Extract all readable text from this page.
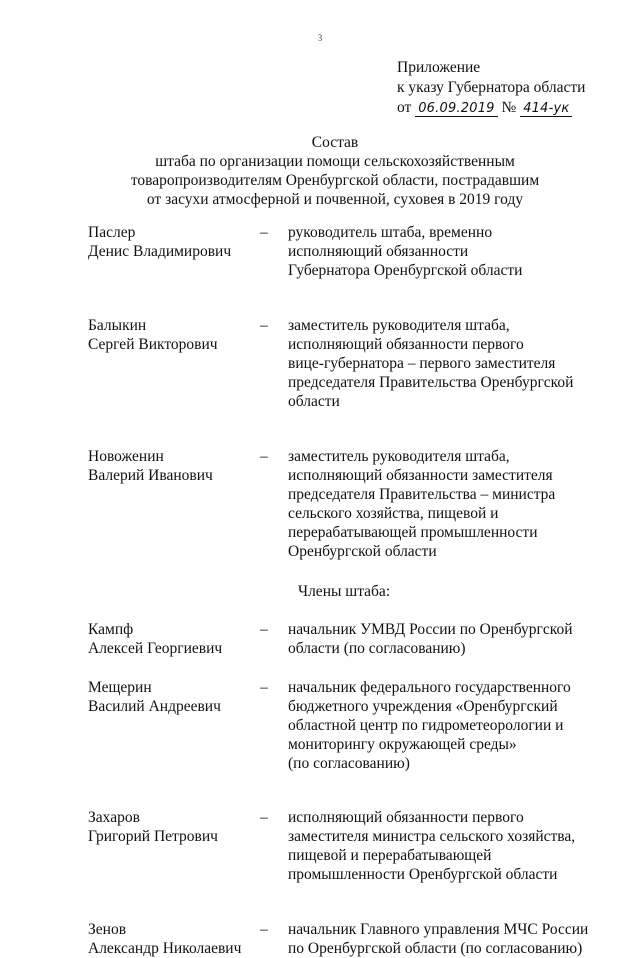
3
Приложение
к указу Губернатора области
от 06.09.2019 № 414-ук
Состав
штаба по организации помощи сельскохозяйственным
товаропроизводителям Оренбургской области, пострадавшим
от засухи атмосферной и почвенной, суховея в 2019 году
Паслер
Денис Владимирович
–	руководитель штаба, временно
исполняющий обязанности
Губернатора Оренбургской области
Балыкин
Сергей Викторович
–	заместитель руководителя штаба,
исполняющий обязанности первого
вице-губернатора – первого заместителя
председателя Правительства Оренбургской
области
Новоженин
Валерий Иванович
–	заместитель руководителя штаба,
исполняющий обязанности заместителя
председателя Правительства – министра
сельского хозяйства, пищевой и
перерабатывающей промышленности
Оренбургской области
Члены штаба:
Кампф
Алексей Георгиевич
–	начальник УМВД России по Оренбургской
области (по согласованию)
Мещерин
Василий Андреевич
–	начальник федерального государственного
бюджетного учреждения «Оренбургский
областной центр по гидрометеорологии и
мониторингу окружающей среды»
(по согласованию)
Захаров
Григорий Петрович
–	исполняющий обязанности первого
заместителя министра сельского хозяйства,
пищевой и перерабатывающей
промышленности Оренбургской области
Зенов
Александр Николаевич
–	начальник Главного управления МЧС России
по Оренбургской области (по согласованию)
